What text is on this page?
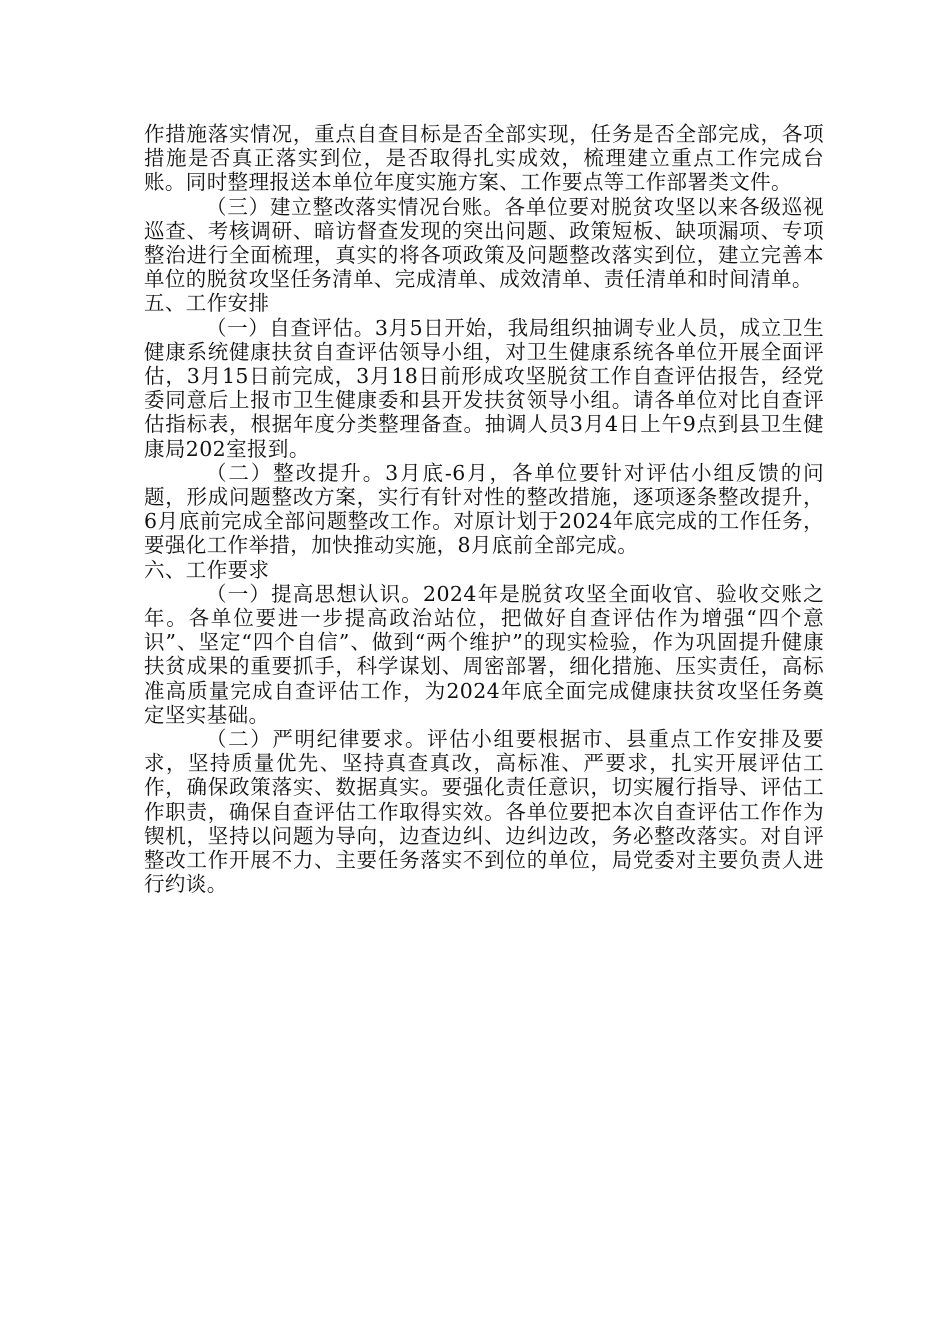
作措施落实情况，重点自查目标是否全部实现，任务是否全部完成，各项措施是否真正落实到位，是否取得扎实成效，梳理建立重点工作完成台账。同时整理报送本单位年度实施方案、工作要点等工作部署类文件。

（三）建立整改落实情况台账。各单位要对脱贫攻坚以来各级巡视巡查、考核调研、暗访督查发现的突出问题、政策短板、缺项漏项、专项整治进行全面梳理，真实的将各项政策及问题整改落实到位，建立完善本单位的脱贫攻坚任务清单、完成清单、成效清单、责任清单和时间清单。

五、工作安排

（一）自查评估。3月5日开始，我局组织抽调专业人员，成立卫生健康系统健康扶贫自查评估领导小组，对卫生健康系统各单位开展全面评估，3月15日前完成，3月18日前形成攻坚脱贫工作自查评估报告，经党委同意后上报市卫生健康委和县开发扶贫领导小组。请各单位对比自查评估指标表，根据年度分类整理备查。抽调人员3月4日上午9点到县卫生健康局202室报到。

（二）整改提升。3月底-6月，各单位要针对评估小组反馈的问题，形成问题整改方案，实行有针对性的整改措施，逐项逐条整改提升，6月底前完成全部问题整改工作。对原计划于2024年底完成的工作任务，要强化工作举措，加快推动实施，8月底前全部完成。

六、工作要求

（一）提高思想认识。2024年是脱贫攻坚全面收官、验收交账之年。各单位要进一步提高政治站位，把做好自查评估作为增强“四个意识”、坚定“四个自信”、做到“两个维护”的现实检验，作为巩固提升健康扶贫成果的重要抓手，科学谋划、周密部署，细化措施、压实责任，高标准高质量完成自查评估工作，为2024年底全面完成健康扶贫攻坚任务奠定坚实基础。

（二）严明纪律要求。评估小组要根据市、县重点工作安排及要求，坚持质量优先、坚持真查真改，高标准、严要求，扎实开展评估工作，确保政策落实、数据真实。要强化责任意识，切实履行指导、评估工作职责，确保自查评估工作取得实效。各单位要把本次自查评估工作作为锲机，坚持以问题为导向，边查边纠、边纠边改，务必整改落实。对自评整改工作开展不力、主要任务落实不到位的单位，局党委对主要负责人进行约谈。
